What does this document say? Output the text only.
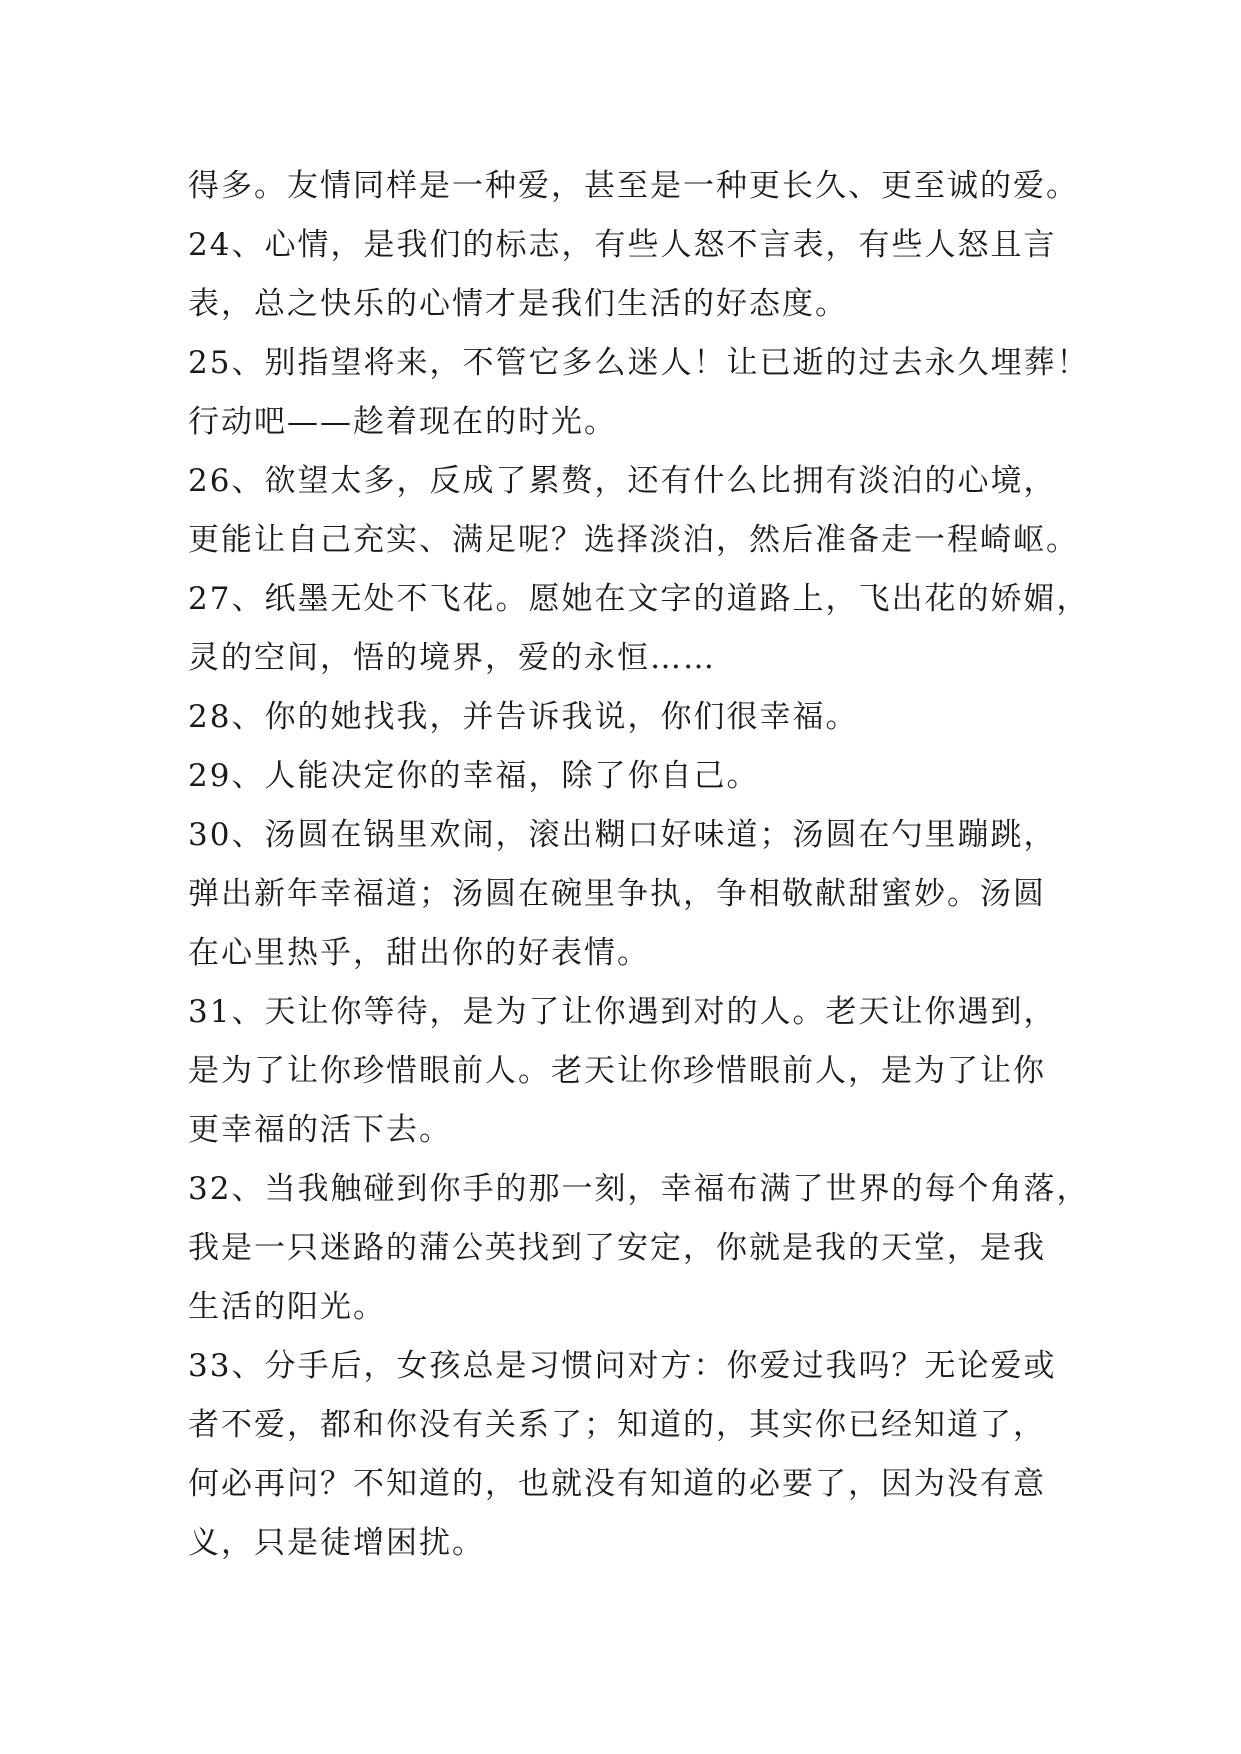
得多。友情同样是一种爱，甚至是一种更长久、更至诚的爱。
24、心情，是我们的标志，有些人怒不言表，有些人怒且言
表，总之快乐的心情才是我们生活的好态度。
25、别指望将来，不管它多么迷人！让已逝的过去永久埋葬！
行动吧——趁着现在的时光。
26、欲望太多，反成了累赘，还有什么比拥有淡泊的心境，
更能让自己充实、满足呢？选择淡泊，然后准备走一程崎岖。
27、纸墨无处不飞花。愿她在文字的道路上，飞出花的娇媚，
灵的空间，悟的境界，爱的永恒……
28、你的她找我，并告诉我说，你们很幸福。
29、人能决定你的幸福，除了你自己。
30、汤圆在锅里欢闹，滚出糊口好味道；汤圆在勺里蹦跳，
弹出新年幸福道；汤圆在碗里争执，争相敬献甜蜜妙。汤圆
在心里热乎，甜出你的好表情。
31、天让你等待，是为了让你遇到对的人。老天让你遇到，
是为了让你珍惜眼前人。老天让你珍惜眼前人，是为了让你
更幸福的活下去。
32、当我触碰到你手的那一刻，幸福布满了世界的每个角落，
我是一只迷路的蒲公英找到了安定，你就是我的天堂，是我
生活的阳光。
33、分手后，女孩总是习惯问对方：你爱过我吗？无论爱或
者不爱，都和你没有关系了；知道的，其实你已经知道了，
何必再问？不知道的，也就没有知道的必要了，因为没有意
义，只是徒增困扰。
